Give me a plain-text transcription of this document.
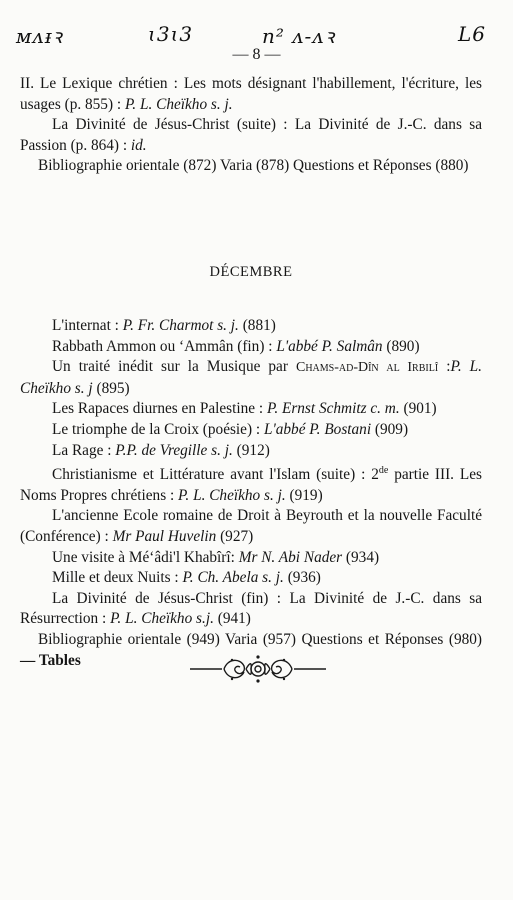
ᴍᴧᵻꝛ	ɩ3ɩ3	n² ᴧ-ᴧꝛ	L6
— 8 —
II. Le Lexique chrétien : Les mots désignant l'habillement, l'écriture, les usages (p. 855) : P. L. Cheïkho s. j.
La Divinité de Jésus-Christ (suite) : La Divinité de J.-C. dans sa Passion (p. 864) : id.
Bibliographie orientale (872) Varia (878) Questions et Réponses (880)
DÉCEMBRE
L'internat : P. Fr. Charmot s. j. (881)
Rabbath Ammon ou ‘Ammân (fin) : L'abbé P. Salmân (890)
Un traité inédit sur la Musique par Chams-ad-Dîn al Irbilî :P. L. Cheïkho s. j (895)
Les Rapaces diurnes en Palestine : P. Ernst Schmitz c. m. (901)
Le triomphe de la Croix (poésie) : L'abbé P. Bostani (909)
La Rage : P.P. de Vregille s. j. (912)
Christianisme et Littérature avant l'Islam (suite) : 2de partie III. Les Noms Propres chrétiens : P. L. Cheïkho s. j. (919)
L'ancienne Ecole romaine de Droit à Beyrouth et la nouvelle Faculté (Conférence) : Mr Paul Huvelin (927)
Une visite à Mé‘âdi'l Khabîrî: Mr N. Abi Nader (934)
Mille et deux Nuits : P. Ch. Abela s. j. (936)
La Divinité de Jésus-Christ (fin) : La Divinité de J.-C. dans sa Résurrection : P. L. Cheïkho s.j. (941)
Bibliographie orientale (949) Varia (957) Questions et Réponses (980) — Tables
